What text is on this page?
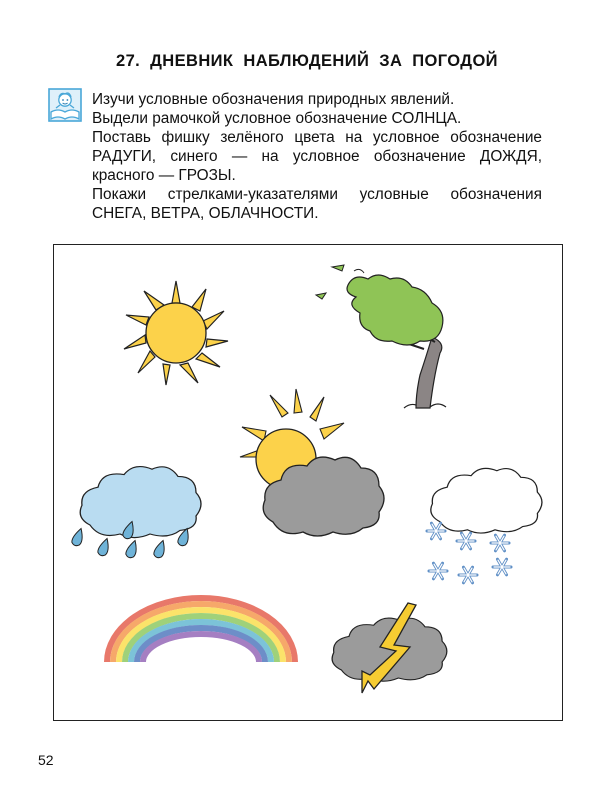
27. ДНЕВНИК НАБЛЮДЕНИЙ ЗА ПОГОДОЙ

Изучи условные обозначения природных явлений.

Выдели рамочкой условное обозначение СОЛНЦА.

Поставь фишку зелёного цвета на условное обозначение РАДУГИ, синего — на условное обозначение ДОЖДЯ, красного — ГРОЗЫ.

Покажи стрелками-указателями условные обозначения СНЕГА, ВЕТРА, ОБЛАЧНОСТИ.

52
